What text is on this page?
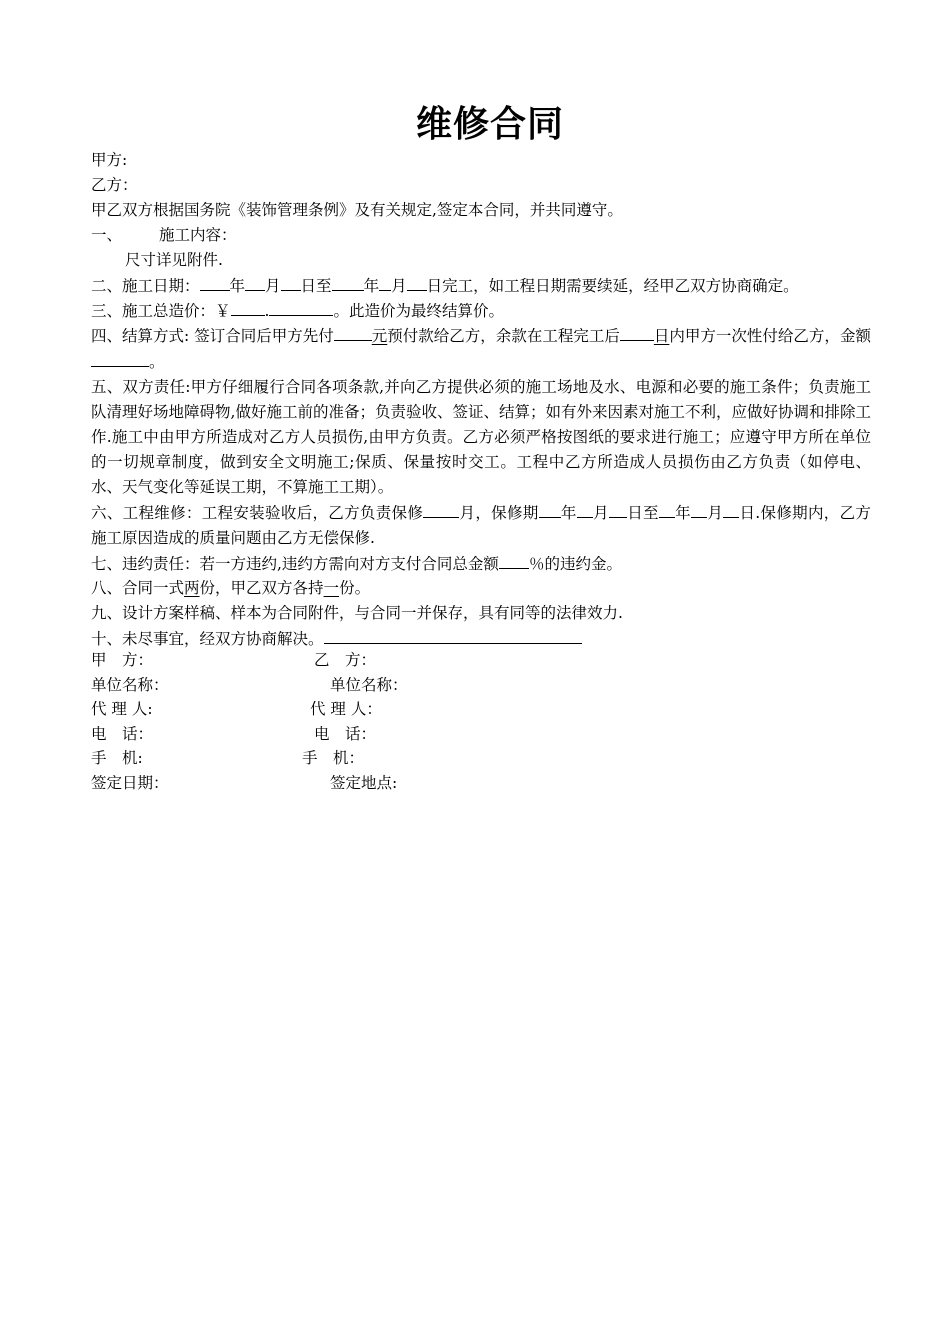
维修合同
甲方:
乙方：
甲乙双方根据国务院《装饰管理条例》及有关规定,签定本合同，并共同遵守。
一、 施工内容：
尺寸详见附件.
二、施工日期： 年 月 日至 年 月 日完工，如工程日期需要续延，经甲乙双方协商确定。
三、施工总造价：￥ .	。此造价为最终结算价。
四、结算方式: 签订合同后甲方先付 元预付款给乙方，余款在工程完工后 日内甲方一次性付给乙方，金额。
五、双方责任:甲方仔细履行合同各项条款,并向乙方提供必须的施工场地及水、电源和必要的施工条件；负责施工队清理好场地障碍物,做好施工前的准备；负责验收、签证、结算；如有外来因素对施工不利，应做好协调和排除工作.施工中由甲方所造成对乙方人员损伤,由甲方负责。乙方必须严格按图纸的要求进行施工；应遵守甲方所在单位的一切规章制度，做到安全文明施工;保质、保量按时交工。工程中乙方所造成人员损伤由乙方负责（如停电、水、天气变化等延误工期，不算施工工期）。
六、工程维修：工程安装验收后，乙方负责保修 月，保修期 年 月 日至 年 月 日.保修期内，乙方施工原因造成的质量问题由乙方无偿保修.
七、违约责任：若一方违约,违约方需向对方支付合同总金额 ％的违约金。
八、合同一式两份，甲乙双方各持一份。
九、设计方案样稿、样本为合同附件，与合同一并保存，具有同等的法律效力.
十、未尽事宜，经双方协商解决。
甲　方：	乙　方：
单位名称：	单位名称：
代 理 人:	代 理 人：
电　话：	电　话：
手　机:	手　机：
签定日期：	签定地点:
